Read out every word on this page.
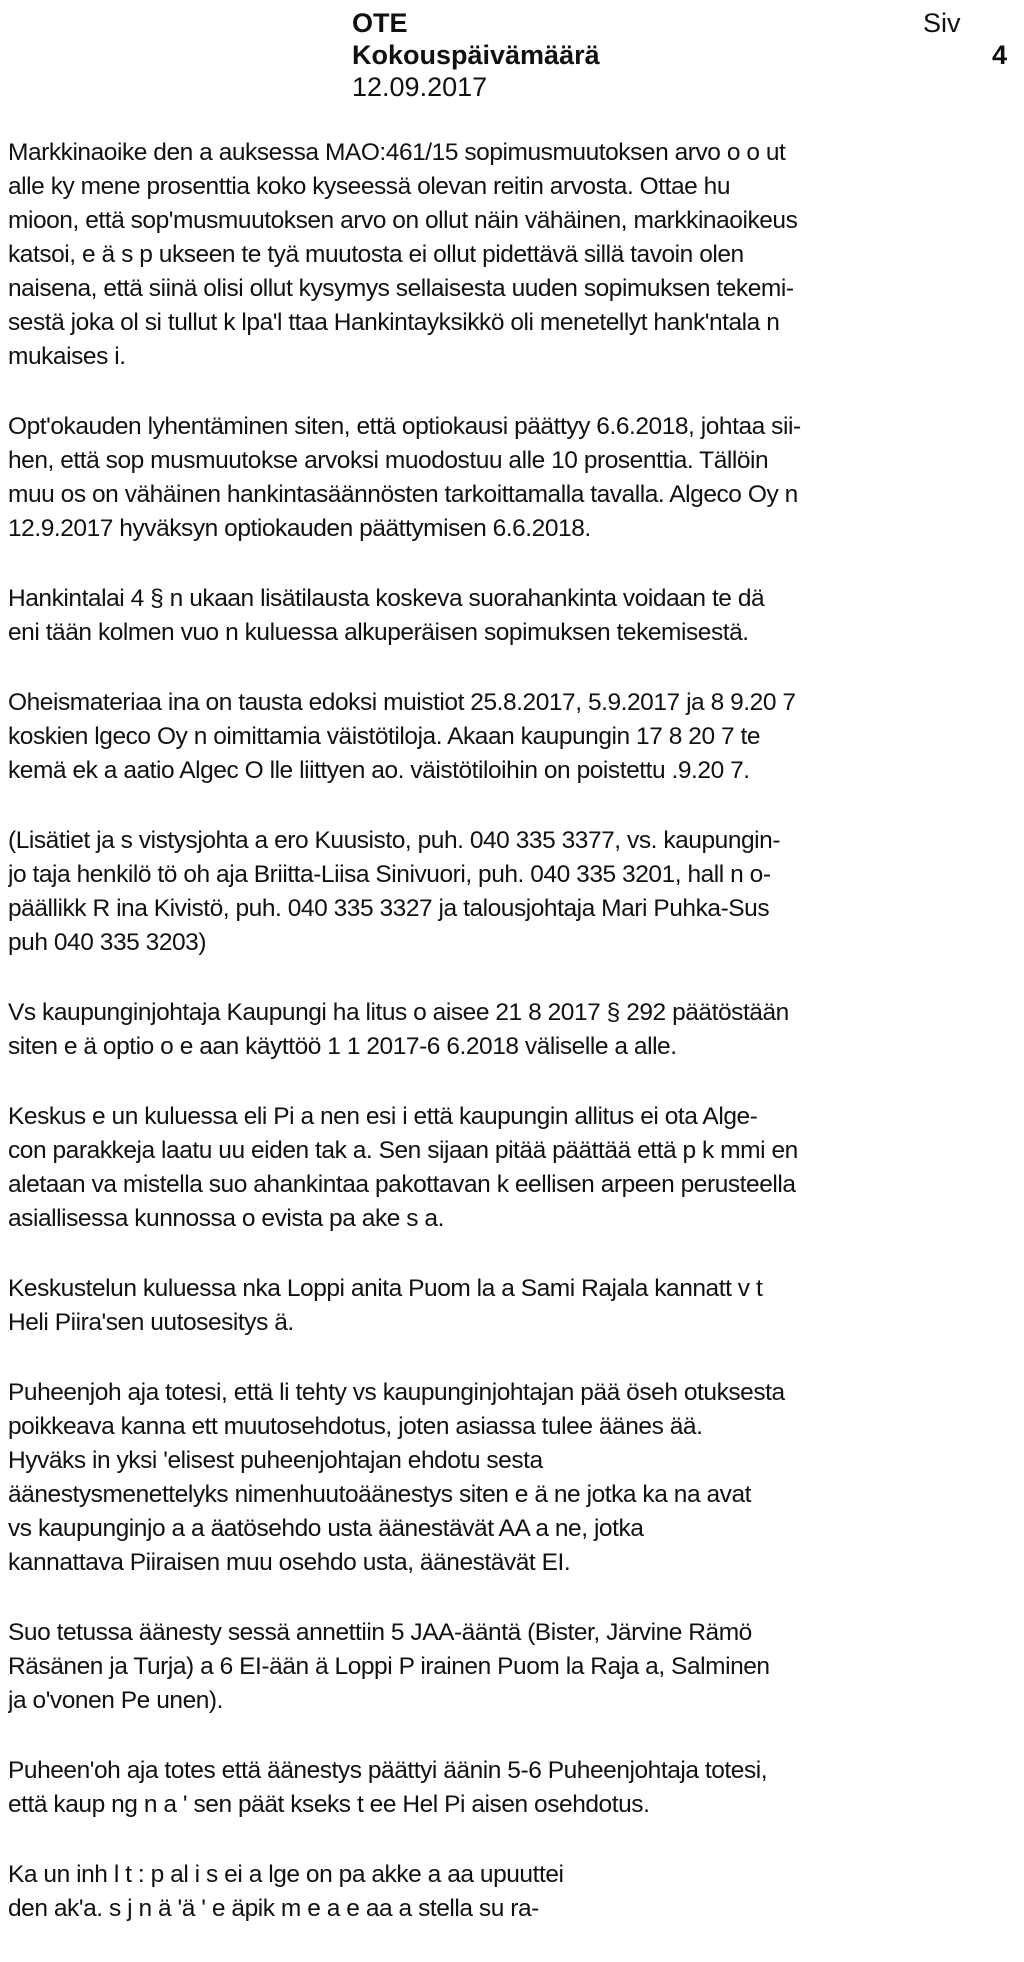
OTE
Kokouspäivämäärä
12.09.2017
Siv
4

Markkinaoike den a auksessa MAO:461/15 sopimusmuutoksen arvo o o ut
alle ky mene prosenttia koko kyseessä olevan reitin arvosta. Ottae hu
mioon, että sop'musmuutoksen arvo on ollut näin vähäinen, markkinaoikeus
katsoi, e ä s p ukseen te tyä muutosta ei ollut pidettävä sillä tavoin olen
naisena, että siinä olisi ollut kysymys sellaisesta uuden sopimuksen tekemi-
sestä joka ol si tullut k lpa'l ttaa Hankintayksikkö oli menetellyt hank'ntala n
mukaises i.

Opt'okauden lyhentäminen siten, että optiokausi päättyy 6.6.2018, johtaa sii-
hen, että sop musmuutokse arvoksi muodostuu alle 10 prosenttia. Tällöin
muu os on vähäinen hankintasäännösten tarkoittamalla tavalla. Algeco Oy n
12.9.2017 hyväksyn optiokauden päättymisen 6.6.2018.

Hankintalai 4 § n ukaan lisätilausta koskeva suorahankinta voidaan te dä
eni tään kolmen vuo n kuluessa alkuperäisen sopimuksen tekemisestä.

Oheismateriaa ina on tausta edoksi muistiot 25.8.2017, 5.9.2017 ja 8 9.20 7
koskien lgeco Oy n oimittamia väistötiloja. Akaan kaupungin 17 8 20 7 te
kemä ek a aatio Algec O lle liittyen ao. väistötiloihin on poistettu .9.20 7.

(Lisätiet ja s vistysjohta a ero Kuusisto, puh. 040 335 3377, vs. kaupungin-
jo taja henkilö tö oh aja Briitta-Liisa Sinivuori, puh. 040 335 3201, hall n o-
päällikk R ina Kivistö, puh. 040 335 3327 ja talousjohtaja Mari Puhka-Sus
puh 040 335 3203)

Vs kaupunginjohtaja Kaupungi ha litus o aisee 21 8 2017 § 292 päätöstään
siten e ä optio o e aan käyttöö 1 1 2017-6 6.2018 väliselle a alle.

Keskus e un kuluessa eli Pi a nen esi i että kaupungin allitus ei ota Alge-
con parakkeja laatu uu eiden tak a. Sen sijaan pitää päättää että p k mmi en
aletaan va mistella suo ahankintaa pakottavan k eellisen arpeen perusteella
asiallisessa kunnossa o evista pa ake s a.

Keskustelun kuluessa nka Loppi anita Puom la a Sami Rajala kannatt v t
Heli Piira'sen uutosesitys ä.

Puheenjoh aja totesi, että li tehty vs kaupunginjohtajan pää öseh otuksesta
poikkeava kanna ett muutosehdotus, joten asiassa tulee äänes ää.
Hyväks in yksi 'elisest puheenjohtajan ehdotu sesta
äänestysmenettelyks nimenhuutoäänestys siten e ä ne jotka ka na avat
vs kaupunginjo a a äatösehdo usta äänestävät AA a ne, jotka
kannattava Piiraisen muu osehdo usta, äänestävät EI.

Suo tetussa äänesty sessä annettiin 5 JAA-ääntä (Bister, Järvine Rämö
Räsänen ja Turja) a 6 EI-ään ä Loppi P irainen Puom la Raja a, Salminen
ja o'vonen Pe unen).

Puheen'oh aja totes että äänestys päättyi äänin 5-6 Puheenjohtaja totesi,
että kaup ng n a ' sen päät kseks t ee Hel Pi aisen osehdotus.

Ka un inh l t : p al i s ei a lge on pa akke a aa upuuttei
den ak'a. s j n ä 'ä ' e äpik m e a e aa a stella su ra-
